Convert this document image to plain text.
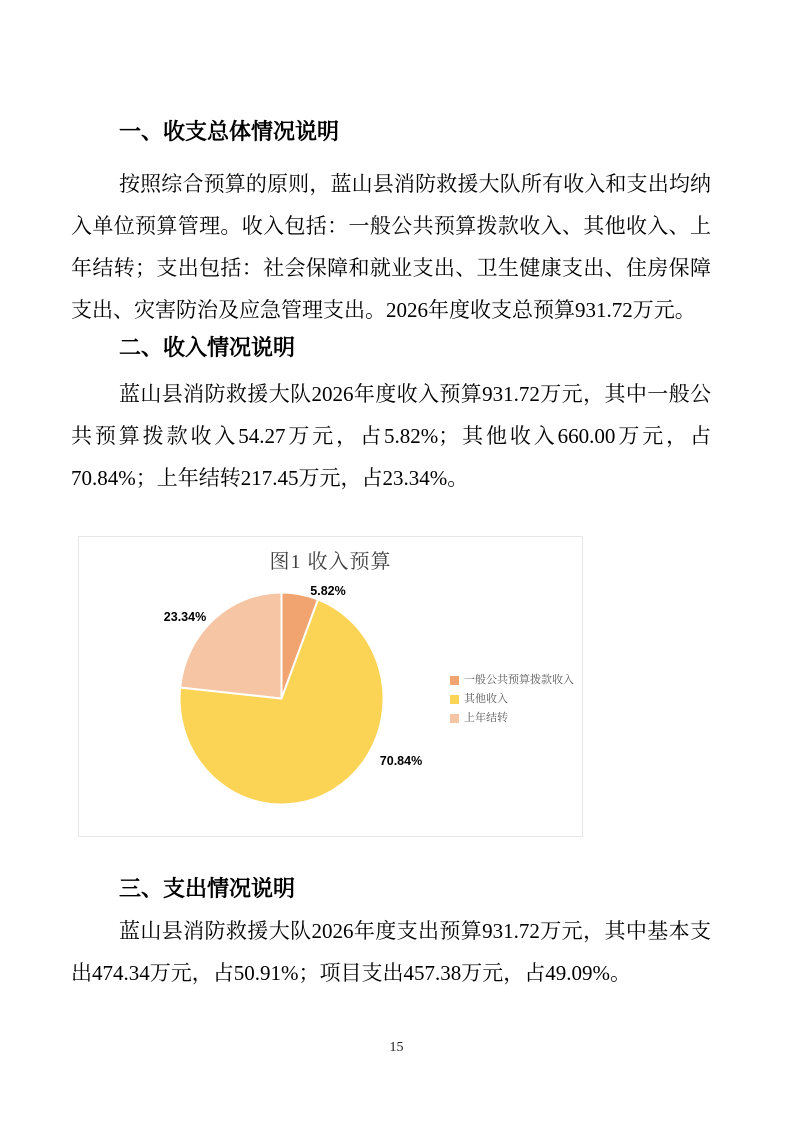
一、收支总体情况说明

按照综合预算的原则，蓝山县消防救援大队所有收入和支出均纳入单位预算管理。收入包括：一般公共预算拨款收入、其他收入、上年结转；支出包括：社会保障和就业支出、卫生健康支出、住房保障支出、灾害防治及应急管理支出。2026年度收支总预算931.72万元。

二、收入情况说明

蓝山县消防救援大队2026年度收入预算931.72万元，其中一般公共预算拨款收入54.27万元，占5.82%；其他收入660.00万元，占70.84%；上年结转217.45万元，占23.34%。

图1 收入预算
5.82%
70.84%
23.34%
一般公共预算拨款收入
其他收入
上年结转
三、支出情况说明

蓝山县消防救援大队2026年度支出预算931.72万元，其中基本支出474.34万元，占50.91%；项目支出457.38万元，占49.09%。

15
